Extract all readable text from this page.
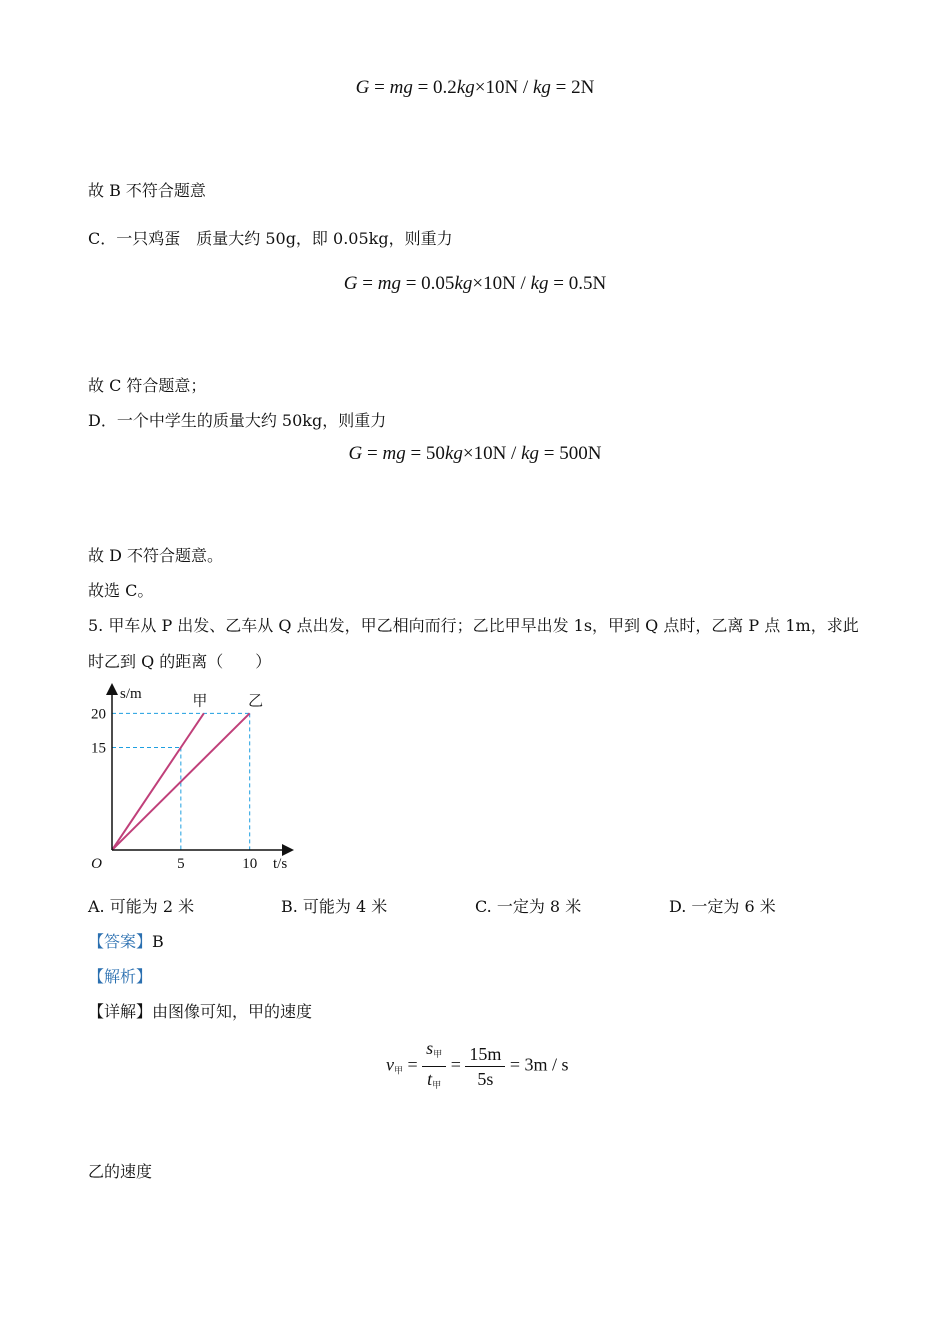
G = mg = 0.2kg×10N / kg = 2N
故 B 不符合题意
C．一只鸡蛋　质量大约 50g，即 0.05kg，则重力
G = mg = 0.05kg×10N / kg = 0.5N
故 C 符合题意；
D．一个中学生的质量大约 50kg，则重力
G = mg = 50kg×10N / kg = 500N
故 D 不符合题意。
故选 C。
5. 甲车从 P 出发、乙车从 Q 点出发，甲乙相向而行；乙比甲早出发 1s，甲到 Q 点时，乙离 P 点 1m，求此
时乙到 Q 的距离（　　）
5	10
15
20
O
s/m
t/s
甲	乙
A. 可能为 2 米	B. 可能为 4 米	C. 一定为 8 米	D. 一定为 6 米
【答案】B
【解析】
【详解】由图像可知，甲的速度
$v_甲 = \frac{s_甲}{t_甲} = \frac{15m}{5s} = 3m / s$
乙的速度
